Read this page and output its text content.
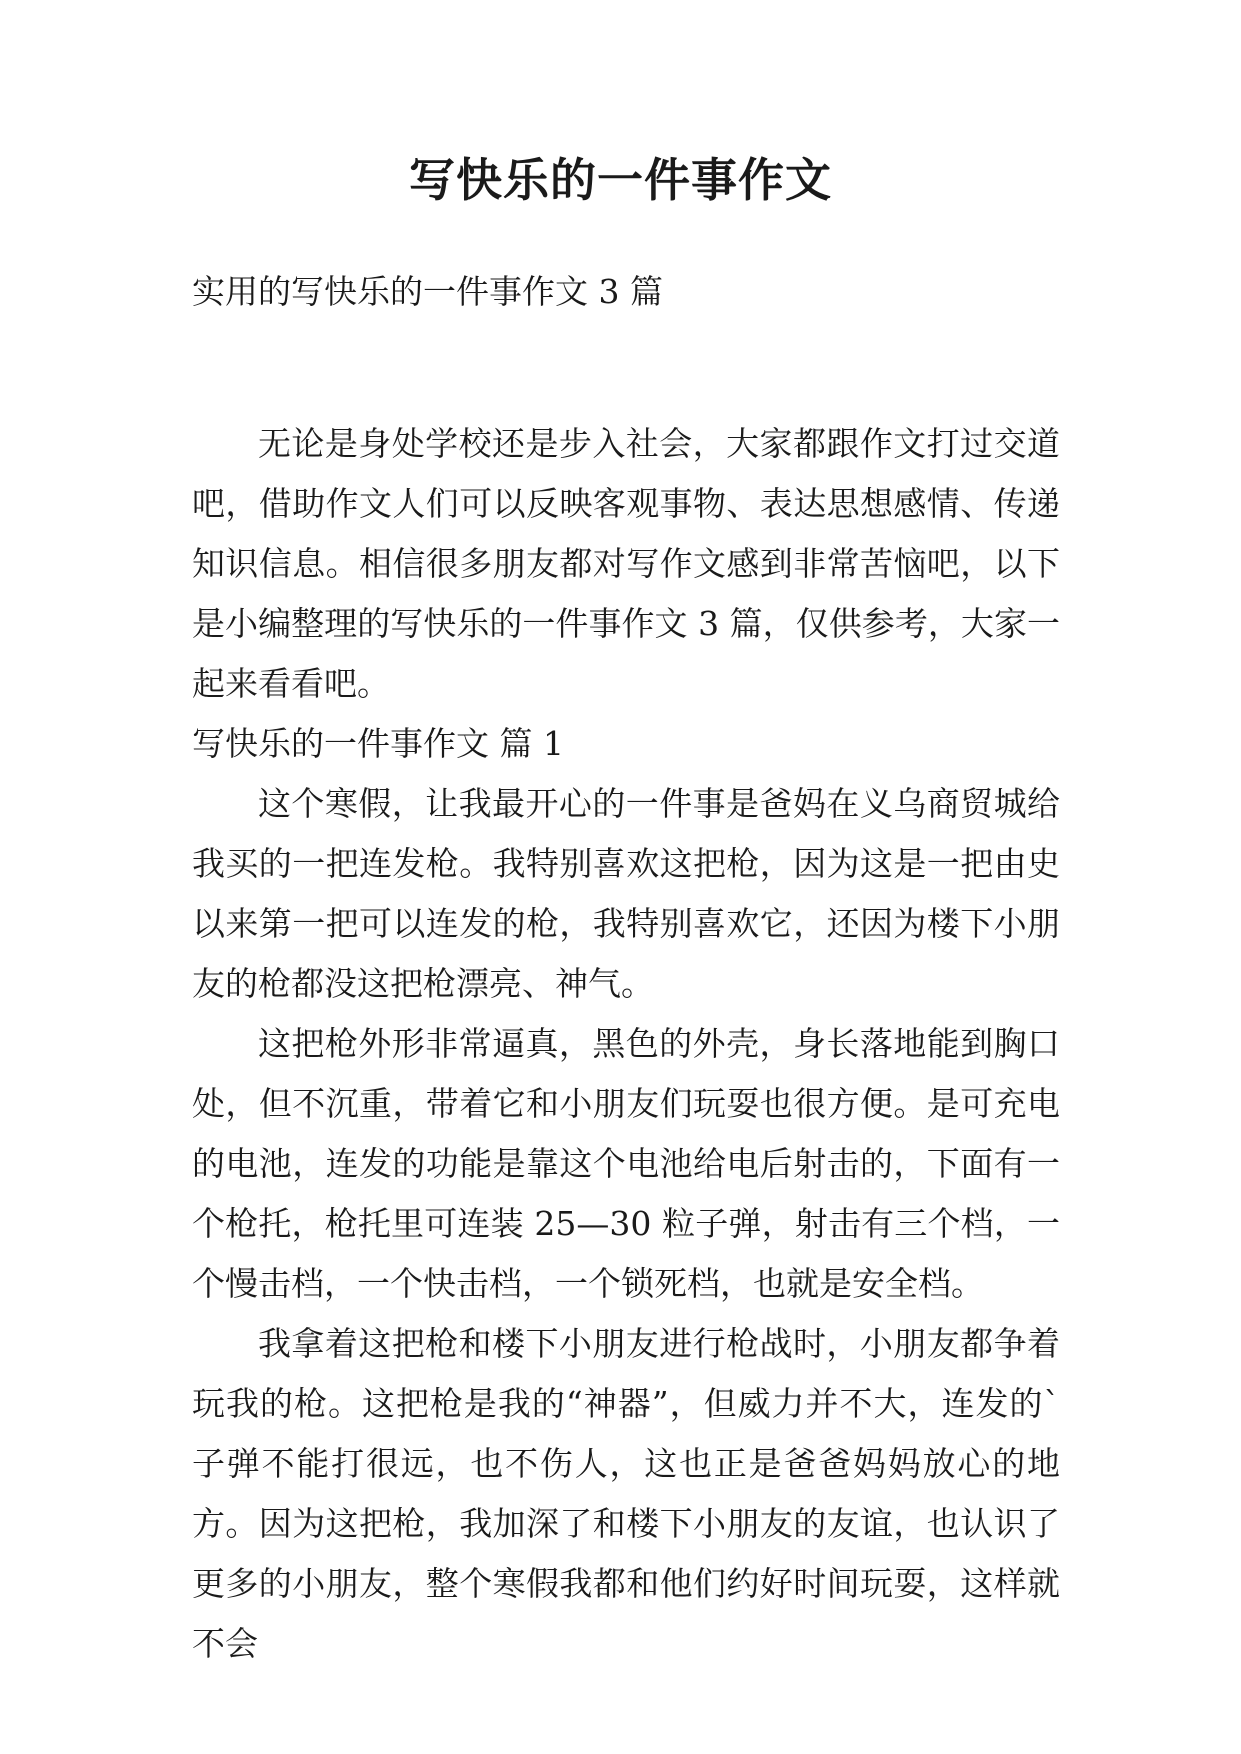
写快乐的一件事作文

实用的写快乐的一件事作文 3 篇

无论是身处学校还是步入社会，大家都跟作文打过交道吧，借助作文人们可以反映客观事物、表达思想感情、传递知识信息。相信很多朋友都对写作文感到非常苦恼吧，以下是小编整理的写快乐的一件事作文 3 篇，仅供参考，大家一起来看看吧。

写快乐的一件事作文 篇 1

这个寒假，让我最开心的一件事是爸妈在义乌商贸城给我买的一把连发枪。我特别喜欢这把枪，因为这是一把由史以来第一把可以连发的枪，我特别喜欢它，还因为楼下小朋友的枪都没这把枪漂亮、神气。

这把枪外形非常逼真，黑色的外壳，身长落地能到胸口处，但不沉重，带着它和小朋友们玩耍也很方便。是可充电的电池，连发的功能是靠这个电池给电后射击的，下面有一个枪托，枪托里可连装 25—30 粒子弹，射击有三个档，一个慢击档，一个快击档，一个锁死档，也就是安全档。

我拿着这把枪和楼下小朋友进行枪战时，小朋友都争着玩我的枪。这把枪是我的“神器”，但威力并不大，连发的`子弹不能打很远，也不伤人，这也正是爸爸妈妈放心的地方。因为这把枪，我加深了和楼下小朋友的友谊，也认识了更多的小朋友，整个寒假我都和他们约好时间玩耍，这样就不会
